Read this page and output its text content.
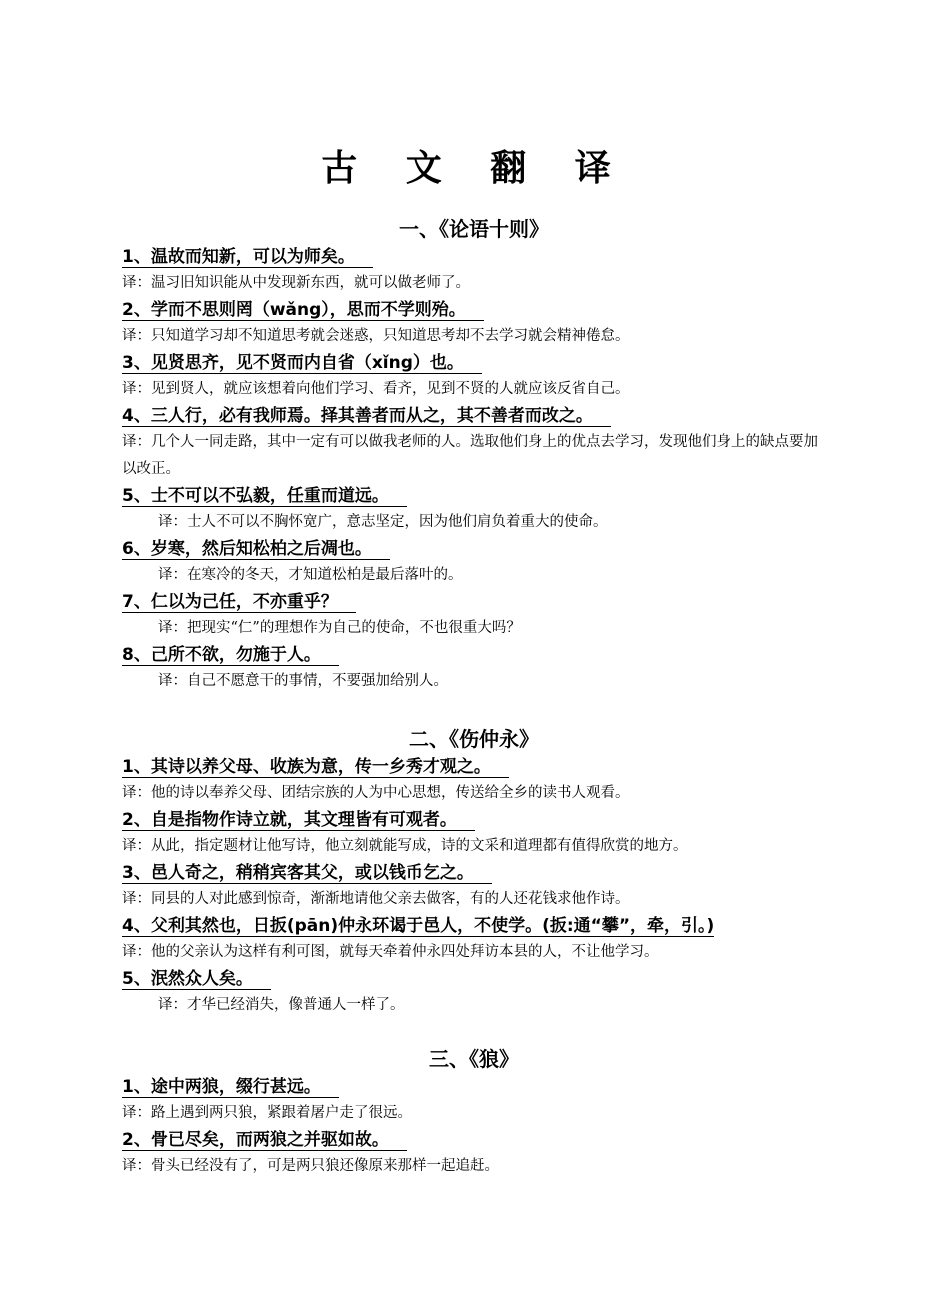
古 文 翻 译
一、《论语十则》
1、温故而知新，可以为师矣。
译：温习旧知识能从中发现新东西，就可以做老师了。
2、学而不思则罔（wǎng），思而不学则殆。
译：只知道学习却不知道思考就会迷惑，只知道思考却不去学习就会精神倦怠。
3、见贤思齐，见不贤而内自省（xǐng）也。
译：见到贤人，就应该想着向他们学习、看齐，见到不贤的人就应该反省自己。
4、三人行，必有我师焉。择其善者而从之，其不善者而改之。
译：几个人一同走路，其中一定有可以做我老师的人。选取他们身上的优点去学习，发现他们身上的缺点要加以改正。
5、士不可以不弘毅，任重而道远。
译：士人不可以不胸怀宽广，意志坚定，因为他们肩负着重大的使命。
6、岁寒，然后知松柏之后凋也。
译：在寒冷的冬天，才知道松柏是最后落叶的。
7、仁以为己任，不亦重乎？
译：把现实“仁”的理想作为自己的使命，不也很重大吗？
8、己所不欲，勿施于人。
译：自己不愿意干的事情，不要强加给别人。
二、《伤仲永》
1、其诗以养父母、收族为意，传一乡秀才观之。
译：他的诗以奉养父母、团结宗族的人为中心思想，传送给全乡的读书人观看。
2、自是指物作诗立就，其文理皆有可观者。
译：从此，指定题材让他写诗，他立刻就能写成，诗的文采和道理都有值得欣赏的地方。
3、邑人奇之，稍稍宾客其父，或以钱币乞之。
译：同县的人对此感到惊奇，渐渐地请他父亲去做客，有的人还花钱求他作诗。
4、父利其然也，日扳(pān)仲永环谒于邑人，不使学。(扳:通“攀”，牵，引。)
译：他的父亲认为这样有利可图，就每天牵着仲永四处拜访本县的人，不让他学习。
5、泯然众人矣。
译：才华已经消失，像普通人一样了。
三、《狼》
1、途中两狼，缀行甚远。
译：路上遇到两只狼，紧跟着屠户走了很远。
2、骨已尽矣，而两狼之并驱如故。
译：骨头已经没有了，可是两只狼还像原来那样一起追赶。
